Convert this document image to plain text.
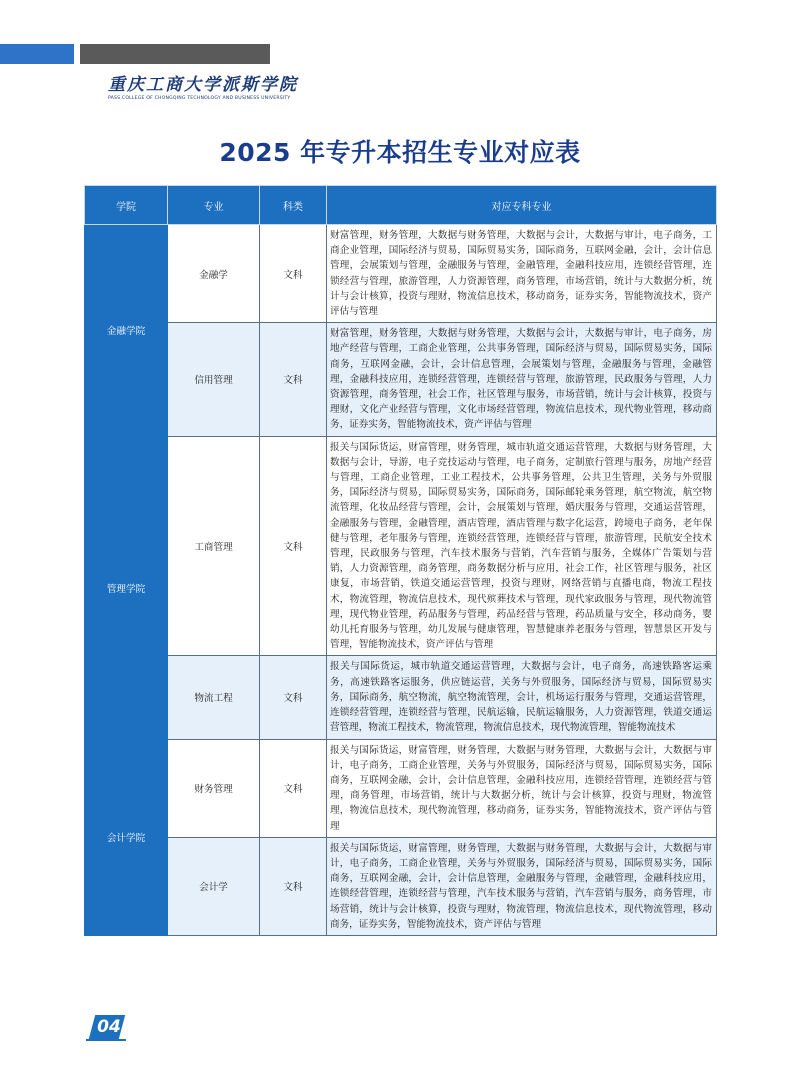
重庆工商大学派斯学院
PASS COLLEGE OF CHONGQING TECHNOLOGY AND BUSINESS UNIVERSITY
2025 年专升本招生专业对应表
学院	专业	科类	对应专科专业
金融学院	金融学	文科	财富管理，财务管理，大数据与财务管理，大数据与会计，大数据与审计，电子商务，工商企业管理，国际经济与贸易，国际贸易实务，国际商务，互联网金融，会计，会计信息管理，会展策划与管理，金融服务与管理，金融管理，金融科技应用，连锁经营管理，连锁经营与管理，旅游管理，人力资源管理，商务管理，市场营销，统计与大数据分析，统计与会计核算，投资与理财，物流信息技术，移动商务，证券实务，智能物流技术，资产评估与管理
	信用管理	文科	财富管理，财务管理，大数据与财务管理，大数据与会计，大数据与审计，电子商务，房地产经营与管理，工商企业管理，公共事务管理，国际经济与贸易，国际贸易实务，国际商务，互联网金融，会计，会计信息管理，会展策划与管理，金融服务与管理，金融管理，金融科技应用，连锁经营管理，连锁经营与管理，旅游管理，民政服务与管理，人力资源管理，商务管理，社会工作，社区管理与服务，市场营销，统计与会计核算，投资与理财，文化产业经营与管理，文化市场经营管理，物流信息技术，现代物业管理，移动商务，证券实务，智能物流技术，资产评估与管理
管理学院	工商管理	文科	报关与国际货运，财富管理，财务管理，城市轨道交通运营管理，大数据与财务管理，大数据与会计，导游，电子竞技运动与管理，电子商务，定制旅行管理与服务，房地产经营与管理，工商企业管理，工业工程技术，公共事务管理，公共卫生管理，关务与外贸服务，国际经济与贸易，国际贸易实务，国际商务，国际邮轮乘务管理，航空物流，航空物流管理，化妆品经营与管理，会计，会展策划与管理，婚庆服务与管理，交通运营管理，金融服务与管理，金融管理，酒店管理，酒店管理与数字化运营，跨境电子商务，老年保健与管理，老年服务与管理，连锁经营管理，连锁经营与管理，旅游管理，民航安全技术管理，民政服务与管理，汽车技术服务与营销，汽车营销与服务，全媒体广告策划与营销，人力资源管理，商务管理，商务数据分析与应用，社会工作，社区管理与服务，社区康复，市场营销，铁道交通运营管理，投资与理财，网络营销与直播电商，物流工程技术，物流管理，物流信息技术，现代殡葬技术与管理，现代家政服务与管理，现代物流管理，现代物业管理，药品服务与管理，药品经营与管理，药品质量与安全，移动商务，婴幼儿托育服务与管理，幼儿发展与健康管理，智慧健康养老服务与管理，智慧景区开发与管理，智能物流技术，资产评估与管理
	物流工程	文科	报关与国际货运，城市轨道交通运营管理，大数据与会计，电子商务，高速铁路客运乘务，高速铁路客运服务，供应链运营，关务与外贸服务，国际经济与贸易，国际贸易实务，国际商务，航空物流，航空物流管理，会计，机场运行服务与管理，交通运营管理，连锁经营管理，连锁经营与管理，民航运输，民航运输服务，人力资源管理，铁道交通运营管理，物流工程技术，物流管理，物流信息技术，现代物流管理，智能物流技术
会计学院	财务管理	文科	报关与国际货运，财富管理，财务管理，大数据与财务管理，大数据与会计，大数据与审计，电子商务，工商企业管理，关务与外贸服务，国际经济与贸易，国际贸易实务，国际商务，互联网金融，会计，会计信息管理，金融科技应用，连锁经营管理，连锁经营与管理，商务管理，市场营销，统计与大数据分析，统计与会计核算，投资与理财，物流管理，物流信息技术，现代物流管理，移动商务，证券实务，智能物流技术，资产评估与管理
	会计学	文科	报关与国际货运，财富管理，财务管理，大数据与财务管理，大数据与会计，大数据与审计，电子商务，工商企业管理，关务与外贸服务，国际经济与贸易，国际贸易实务，国际商务，互联网金融，会计，会计信息管理，金融服务与管理，金融管理，金融科技应用，连锁经营管理，连锁经营与管理，汽车技术服务与营销，汽车营销与服务，商务管理，市场营销，统计与会计核算，投资与理财，物流管理，物流信息技术，现代物流管理，移动商务，证券实务，智能物流技术，资产评估与管理
04
